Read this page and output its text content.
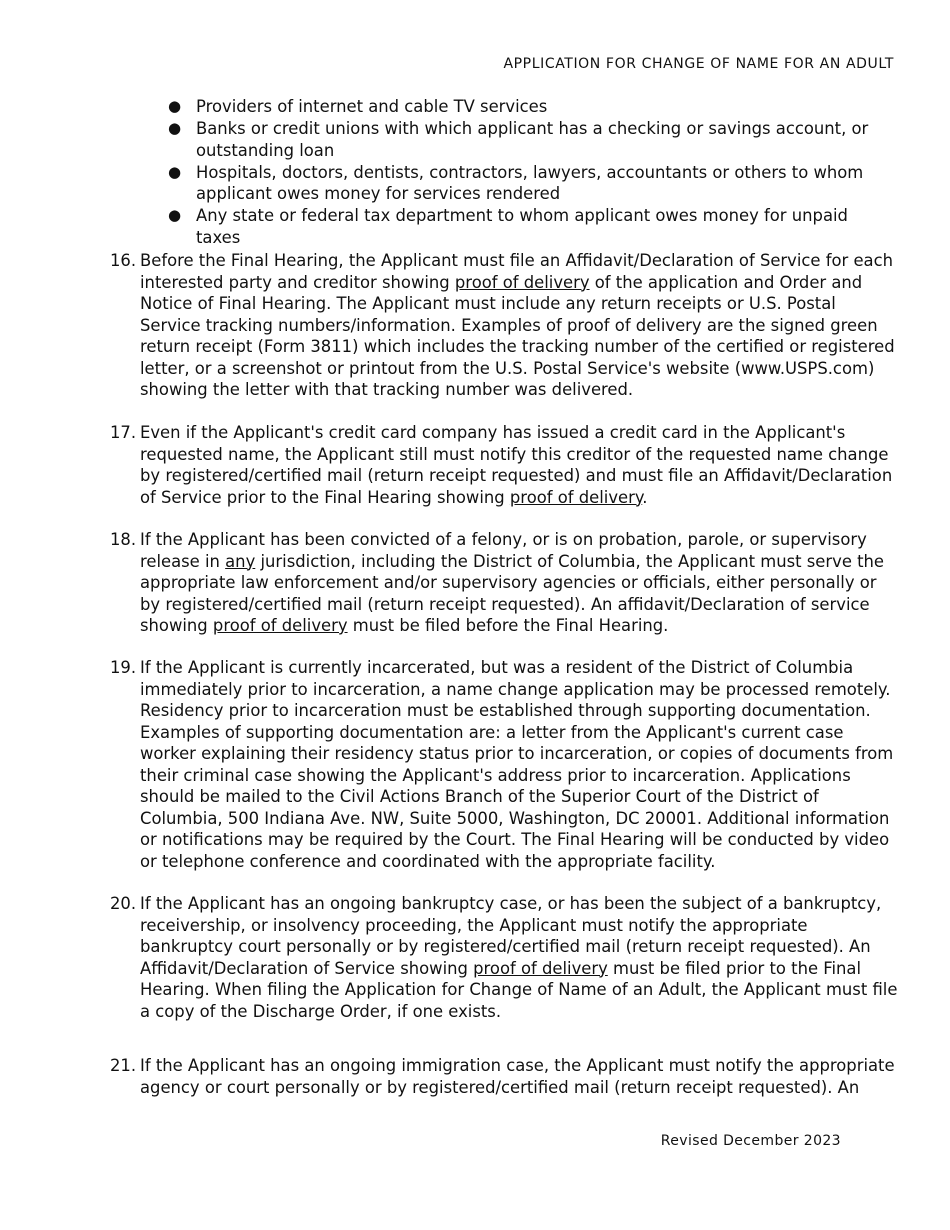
APPLICATION FOR CHANGE OF NAME FOR AN ADULT
● Providers of internet and cable TV services
● Banks or credit unions with which applicant has a checking or savings account, or outstanding loan
● Hospitals, doctors, dentists, contractors, lawyers, accountants or others to whom applicant owes money for services rendered
● Any state or federal tax department to whom applicant owes money for unpaid taxes
16. Before the Final Hearing, the Applicant must file an Affidavit/Declaration of Service for each interested party and creditor showing proof of delivery of the application and Order and Notice of Final Hearing. The Applicant must include any return receipts or U.S. Postal Service tracking numbers/information. Examples of proof of delivery are the signed green return receipt (Form 3811) which includes the tracking number of the certified or registered letter, or a screenshot or printout from the U.S. Postal Service's website (www.USPS.com) showing the letter with that tracking number was delivered.
17. Even if the Applicant's credit card company has issued a credit card in the Applicant's requested name, the Applicant still must notify this creditor of the requested name change by registered/certified mail (return receipt requested) and must file an Affidavit/Declaration of Service prior to the Final Hearing showing proof of delivery.
18. If the Applicant has been convicted of a felony, or is on probation, parole, or supervisory release in any jurisdiction, including the District of Columbia, the Applicant must serve the appropriate law enforcement and/or supervisory agencies or officials, either personally or by registered/certified mail (return receipt requested). An affidavit/Declaration of service showing proof of delivery must be filed before the Final Hearing.
19. If the Applicant is currently incarcerated, but was a resident of the District of Columbia immediately prior to incarceration, a name change application may be processed remotely. Residency prior to incarceration must be established through supporting documentation. Examples of supporting documentation are: a letter from the Applicant's current case worker explaining their residency status prior to incarceration, or copies of documents from their criminal case showing the Applicant's address prior to incarceration. Applications should be mailed to the Civil Actions Branch of the Superior Court of the District of Columbia, 500 Indiana Ave. NW, Suite 5000, Washington, DC 20001. Additional information or notifications may be required by the Court. The Final Hearing will be conducted by video or telephone conference and coordinated with the appropriate facility.
20. If the Applicant has an ongoing bankruptcy case, or has been the subject of a bankruptcy, receivership, or insolvency proceeding, the Applicant must notify the appropriate bankruptcy court personally or by registered/certified mail (return receipt requested). An Affidavit/Declaration of Service showing proof of delivery must be filed prior to the Final Hearing. When filing the Application for Change of Name of an Adult, the Applicant must file a copy of the Discharge Order, if one exists.
21. If the Applicant has an ongoing immigration case, the Applicant must notify the appropriate agency or court personally or by registered/certified mail (return receipt requested). An
Revised December 2023
